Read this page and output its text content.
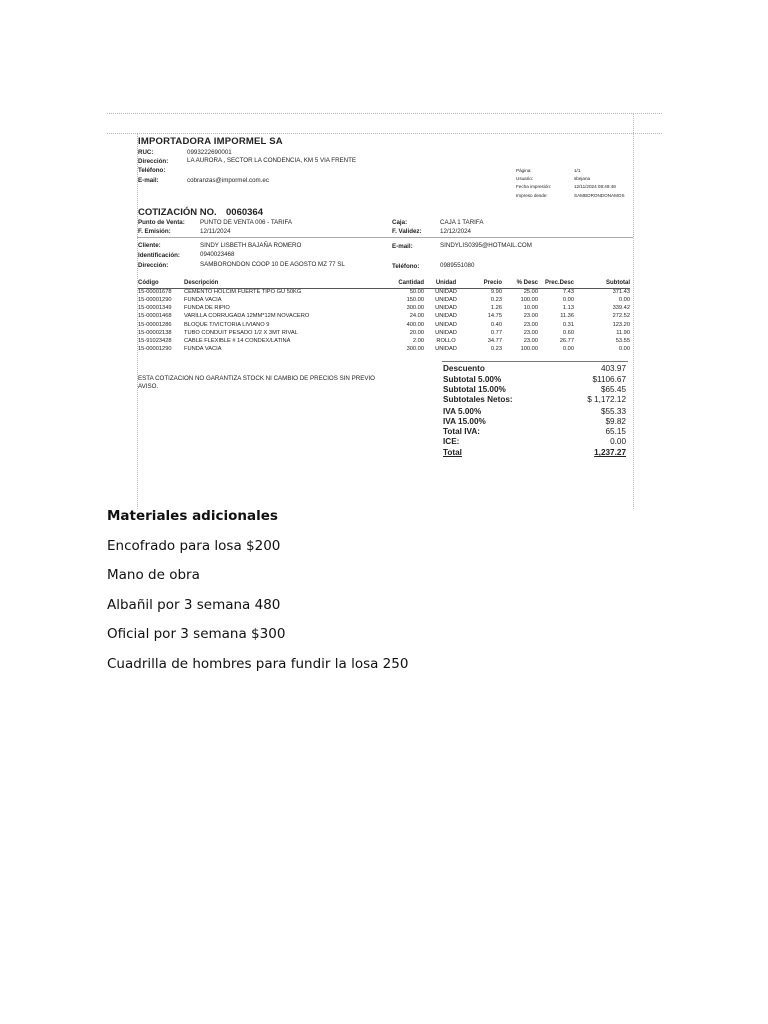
IMPORTADORA IMPORMEL SA
RUC:	0993222690001
Dirección:	LA AURORA , SECTOR LA CONDENCIA, KM 5 VIA FRENTE
Teléfono:
E-mail:	cobranzas@impormel.com.ec
Página:	1/1
Usuario:	sbejana
Fecha impresión:	12/11/2024 08:49:48
Impreso desde:	SAMBORONDONAMOS
COTIZACIÓN NO. 0060364
Punto de Venta: PUNTO DE VENTA 006 - TARIFA
F. Emisión:	12/11/2024
Caja:	CAJA 1 TARIFA
F. Validez:	12/12/2024
Cliente:	SINDY LISBETH BAJAÑA ROMERO
Identificación:	0940023468
Dirección:	SAMBORONDON COOP 10 DE AGOSTO MZ 77 SL
E-mail:	SINDYLIS0395@HOTMAIL.COM
Teléfono:	0989551080
Código	Descripción	Cantidad	Unidad	Precio	% Desc	Prec.Desc	Subtotal
15-00001678	CEMENTO HOLCIM FUERTE TIPO GU 50KG	50.00	UNIDAD	9.90	25.00	7.43	371.43
15-00001290	FUNDA VACIA	150.00	UNIDAD	0.23	100.00	0.00	0.00
15-00001349	FUNDA DE RIPIO	300.00	UNIDAD	1.26	10.00	1.13	339.42
15-00001468	VARILLA CORRUGADA 12MM*12M NOVACERO	24.00	UNIDAD	14.75	23.00	11.36	272.52
15-00001286	BLOQUE T/VICTORIA LIVIANO 9	400.00	UNIDAD	0.40	23.00	0.31	123.20
15-00002138	TUBO CONDUIT PESADO 1/2 X 3MT RIVAL	20.00	UNIDAD	0.77	23.00	0.60	11.90
15-91023428	CABLE FLEXIBLE # 14 CONDEX/LATINA	2.00	ROLLO	34.77	23.00	26.77	53.55
15-00001290	FUNDA VACIA	300.00	UNIDAD	0.23	100.00	0.00	0.00
ESTA COTIZACION NO GARANTIZA STOCK NI CAMBIO DE PRECIOS SIN PREVIO AVISO.
Descuento	403.97
Subtotal 5.00%	$1106.67
Subtotal 15.00%	$65.45
Subtotales Netos:	$ 1,172.12
IVA 5.00%	$55.33
IVA 15.00%	$9.82
Total IVA:	65.15
ICE:	0.00
Total	1,237.27
Materiales adicionales
Encofrado para losa $200
Mano de obra
Albañil por 3 semana 480
Oficial por 3 semana $300
Cuadrilla de hombres para fundir la losa 250
